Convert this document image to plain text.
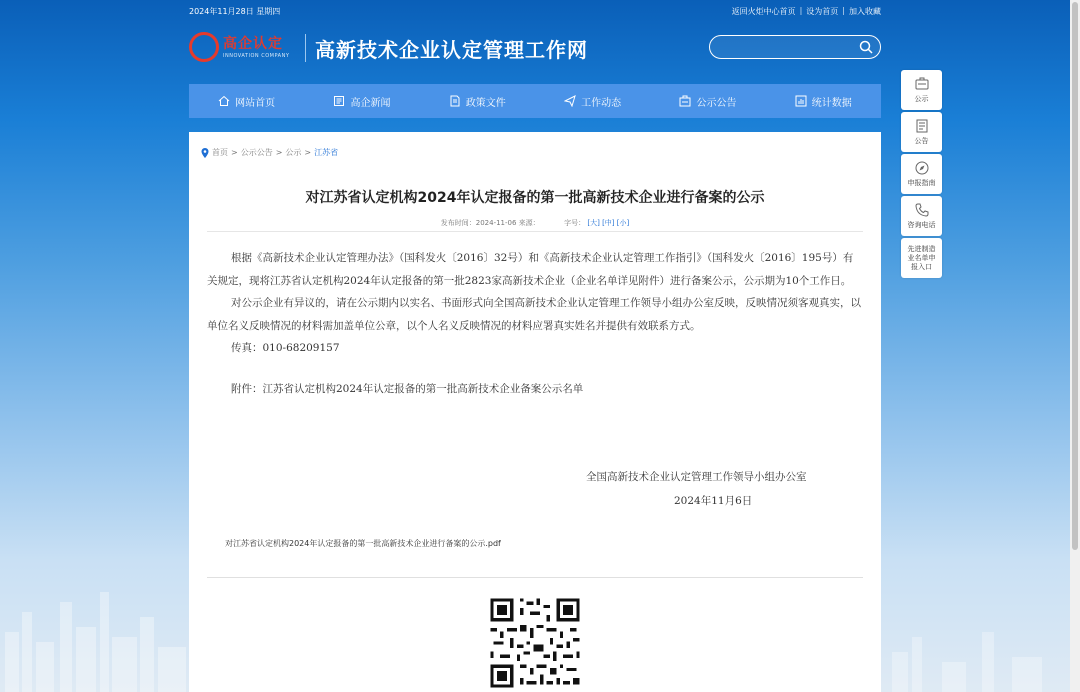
2024年11月28日 星期四	返回火炬中心首页 | 设为首页 | 加入收藏
高企认定
INNOVATION COMPANY 高新技术企业认定管理工作网
网站首页	高企新闻	政策文件	工作动态	公示公告	统计数据	公示
公告
申报指南
咨询电话
先进制造业名单申报入口
首页 > 公示公告 > 公示 > 江苏省
对江苏省认定机构2024年认定报备的第一批高新技术企业进行备案的公示
发布时间：2024-11-06 来源：	字号： [大] [中] [小]

根据《高新技术企业认定管理办法》（国科发火〔2016〕32号）和《高新技术企业认定管理工作指引》（国科发火〔2016〕195号）有关规定，现将江苏省认定机构2024年认定报备的第一批2823家高新技术企业（企业名单详见附件）进行备案公示，公示期为10个工作日。

对公示企业有异议的，请在公示期内以实名、书面形式向全国高新技术企业认定管理工作领导小组办公室反映，反映情况须客观真实，以单位名义反映情况的材料需加盖单位公章，以个人名义反映情况的材料应署真实姓名并提供有效联系方式。

传真：010-68209157

附件：江苏省认定机构2024年认定报备的第一批高新技术企业备案公示名单

全国高新技术企业认定管理工作领导小组办公室
2024年11月6日
对江苏省认定机构2024年认定报备的第一批高新技术企业进行备案的公示.pdf
